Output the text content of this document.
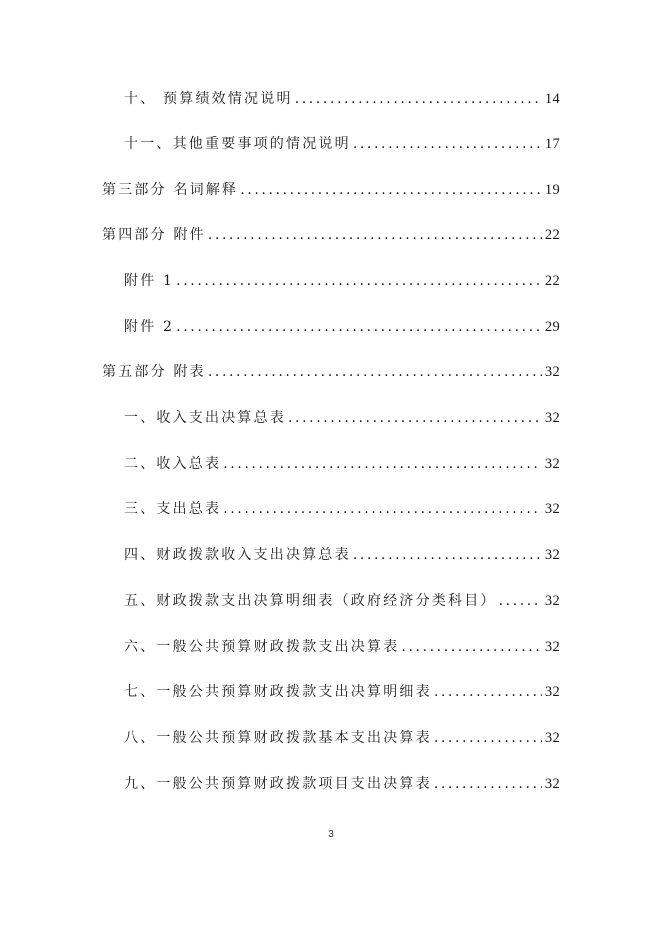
十、 预算绩效情况说明 .....	14
十一、其他重要事项的情况说明 .....	17
第三部分 名词解释 .....	19
第四部分 附件 .....	22
附件 1 .....	22
附件 2 .....	29
第五部分 附表 .....	32
一、收入支出决算总表 .....	32
二、收入总表 .....	32
三、支出总表 .....	32
四、财政拨款收入支出决算总表 .....	32
五、财政拨款支出决算明细表（政府经济分类科目） .....	32
六、一般公共预算财政拨款支出决算表 .....	32
七、一般公共预算财政拨款支出决算明细表 .....	32
八、一般公共预算财政拨款基本支出决算表 .....	32
九、一般公共预算财政拨款项目支出决算表 .....	32
3
